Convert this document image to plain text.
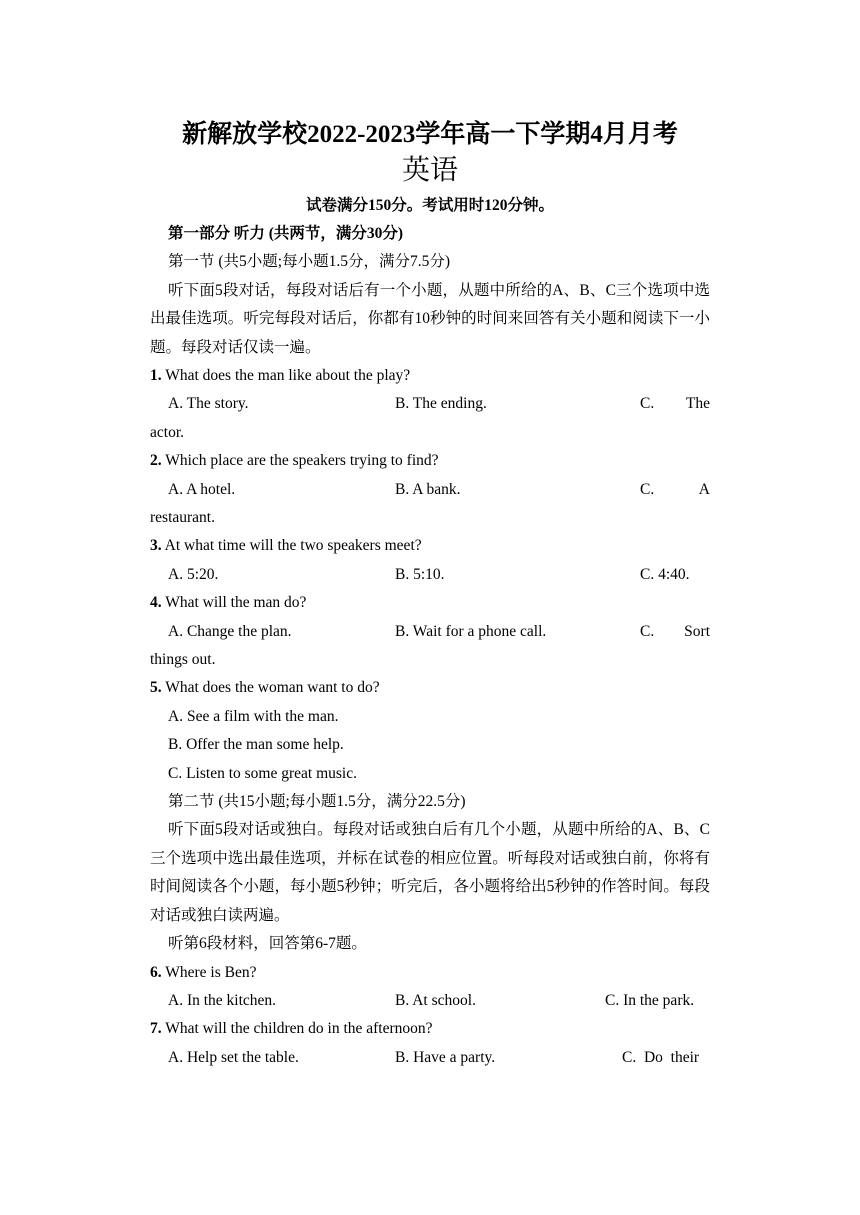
新解放学校2022-2023学年高一下学期4月月考
英语
试卷满分150分。考试用时120分钟。
第一部分 听力 (共两节，满分30分)
第一节 (共5小题;每小题1.5分，满分7.5分)
听下面5段对话，每段对话后有一个小题，从题中所给的A、B、C三个选项中选出最佳选项。听完每段对话后，你都有10秒钟的时间来回答有关小题和阅读下一小题。每段对话仅读一遍。
1. What does the man like about the play?
A. The story.	B. The ending.	C. The
actor.
2. Which place are the speakers trying to find?
A. A hotel.	B. A bank.	C.	A
restaurant.
3. At what time will the two speakers meet?
A. 5:20.	B. 5:10.	C. 4:40.
4. What will the man do?
A. Change the plan.	B. Wait for a phone call.	C. Sort
things out.
5. What does the woman want to do?
A. See a film with the man.
B. Offer the man some help.
C. Listen to some great music.
第二节 (共15小题;每小题1.5分，满分22.5分)
听下面5段对话或独白。每段对话或独白后有几个小题，从题中所给的A、B、C三个选项中选出最佳选项，并标在试卷的相应位置。听每段对话或独白前，你将有时间阅读各个小题，每小题5秒钟；听完后，各小题将给出5秒钟的作答时间。每段对话或独白读两遍。
听第6段材料，回答第6-7题。
6. Where is Ben?
A. In the kitchen.	B. At school.	C. In the park.
7. What will the children do in the afternoon?
A. Help set the table.	B. Have a party.	C.  Do  their
